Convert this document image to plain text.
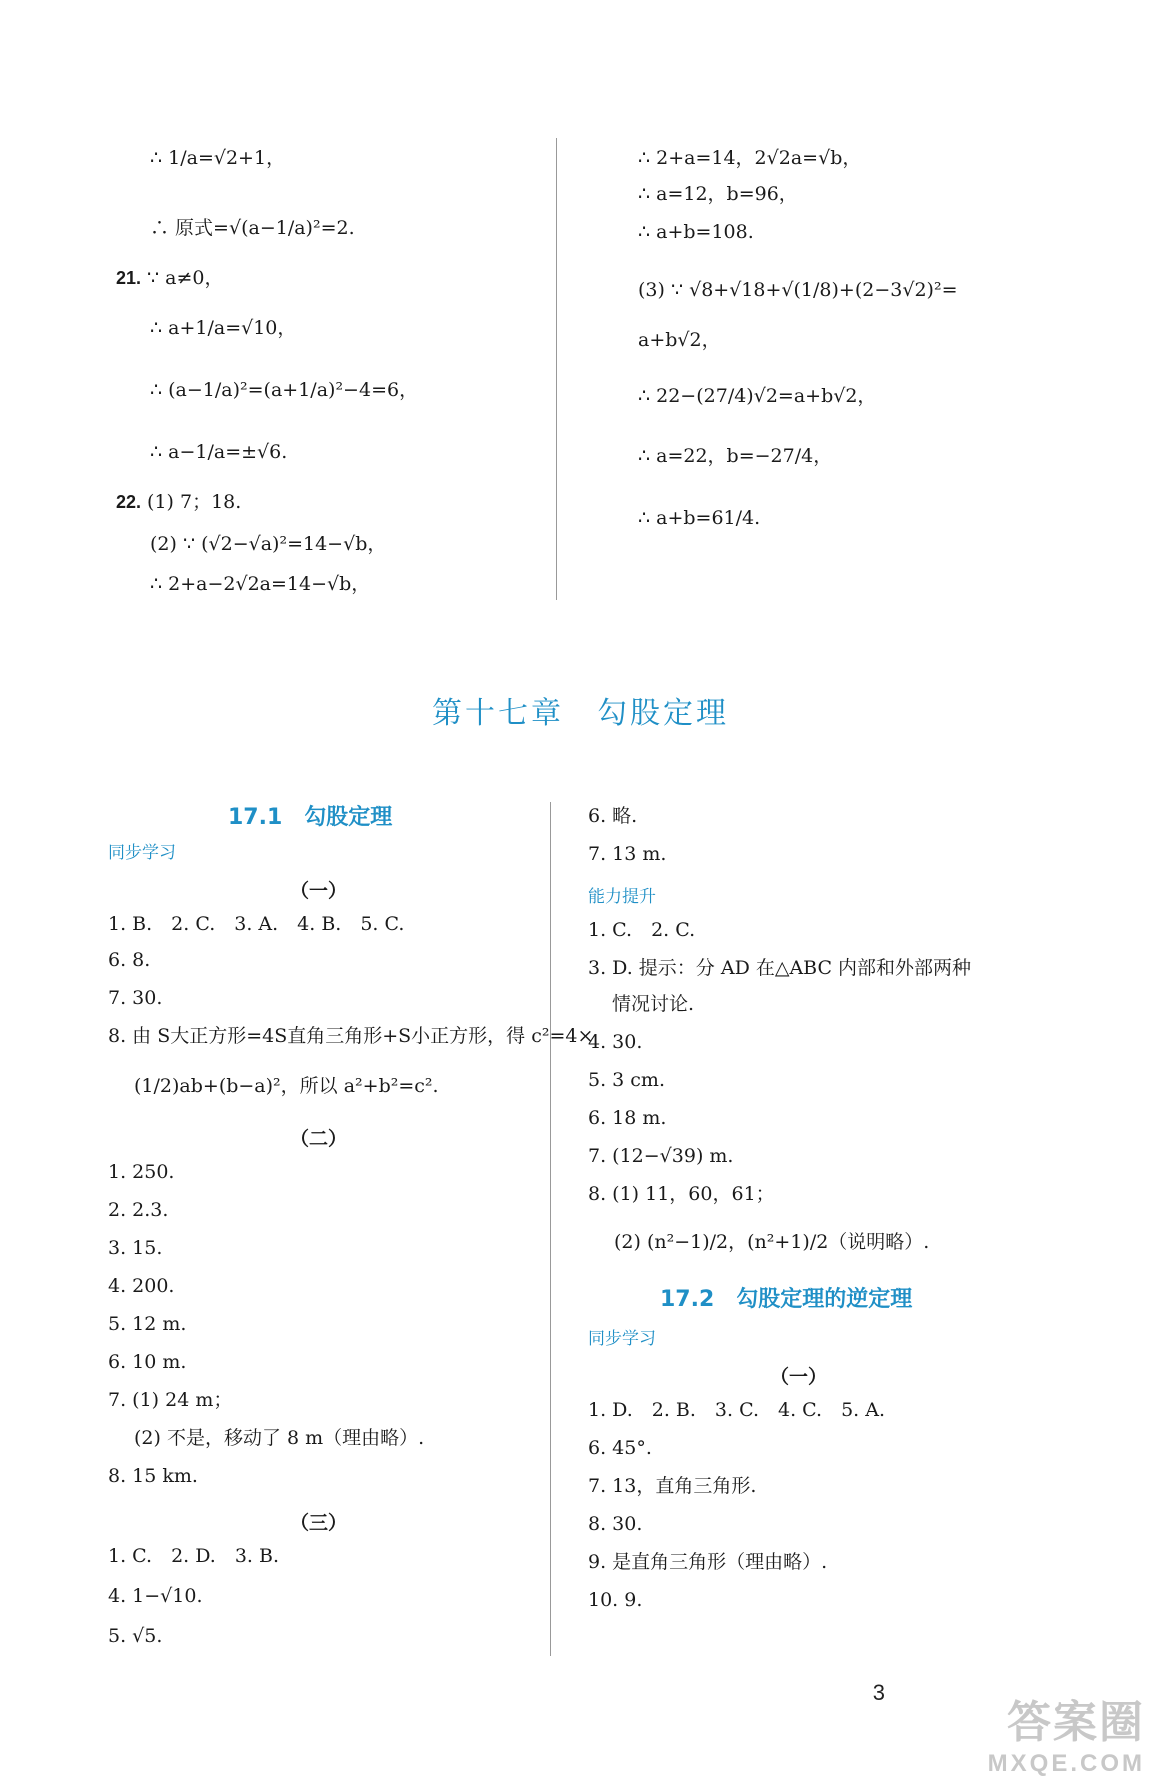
∴ 1/a=√2+1，
∴ 原式=√(a−1/a)²=2.
21. ∵ a≠0，
∴ a+1/a=√10，
∴ (a−1/a)²=(a+1/a)²−4=6，
∴ a−1/a=±√6.
22. (1) 7；18.
(2) ∵ (√2−√a)²=14−√b，
∴ 2+a−2√2a=14−√b，
∴ 2+a=14，2√2a=√b，
∴ a=12，b=96，
∴ a+b=108.
(3) ∵ √8+√18+√(1/8)+(2−3√2)²=
a+b√2，
∴ 22−(27/4)√2=a+b√2，
∴ a=22，b=−27/4，
∴ a+b=61/4.
第十七章　勾股定理
17.1　勾股定理
同步学习
（一）
1. B.　2. C.　3. A.　4. B.　5. C.
6. 8.
7. 30.
8. 由 S大正方形=4S直角三角形+S小正方形，得 c²=4×
(1/2)ab+(b−a)²，所以 a²+b²=c².
（二）
1. 250.
2. 2.3.
3. 15.
4. 200.
5. 12 m.
6. 10 m.
7. (1) 24 m；
(2) 不是，移动了 8 m（理由略）.
8. 15 km.
（三）
1. C.　2. D.　3. B.
4. 1−√10.
5. √5.
6. 略.
7. 13 m.
能力提升
1. C.　2. C.
3. D. 提示：分 AD 在△ABC 内部和外部两种
情况讨论.
4. 30.
5. 3 cm.
6. 18 m.
7. (12−√39) m.
8. (1) 11，60，61；
(2) (n²−1)/2，(n²+1)/2（说明略）.
17.2　勾股定理的逆定理
同步学习
（一）
1. D.　2. B.　3. C.　4. C.　5. A.
6. 45°.
7. 13，直角三角形.
8. 30.
9. 是直角三角形（理由略）.
10. 9.
3
答案圈
MXQE.COM
